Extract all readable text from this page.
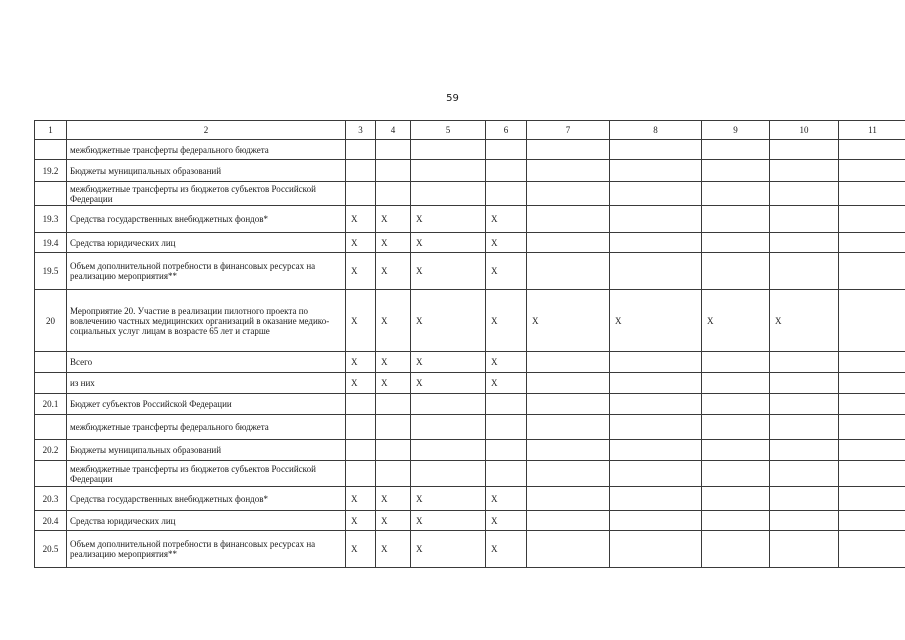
59
1	2	3	4	5	6	7	8	9	10	11
	межбюджетные трансферты федерального бюджета									
19.2	Бюджеты муниципальных образований									
	межбюджетные трансферты из бюджетов субъектов Российской Федерации									
19.3	Средства государственных внебюджетных фондов*	X	X	X	X					
19.4	Средства юридических лиц	X	X	X	X					
19.5	Объем дополнительной потребности в финансовых ресурсах на реализацию мероприятия**	X	X	X	X					
20	Мероприятие 20. Участие в реализации пилотного проекта по вовлечению частных медицинских организаций в оказание медико-социальных услуг лицам в возрасте 65 лет и старше	X	X	X	X	X	X	X	X	
	Всего	X	X	X	X					
	из них	X	X	X	X					
20.1	Бюджет субъектов Российской Федерации									
	межбюджетные трансферты федерального бюджета									
20.2	Бюджеты муниципальных образований									
	межбюджетные трансферты из бюджетов субъектов Российской Федерации									
20.3	Средства государственных внебюджетных фондов*	X	X	X	X					
20.4	Средства юридических лиц	X	X	X	X					
20.5	Объем дополнительной потребности в финансовых ресурсах на реализацию мероприятия**	X	X	X	X					
